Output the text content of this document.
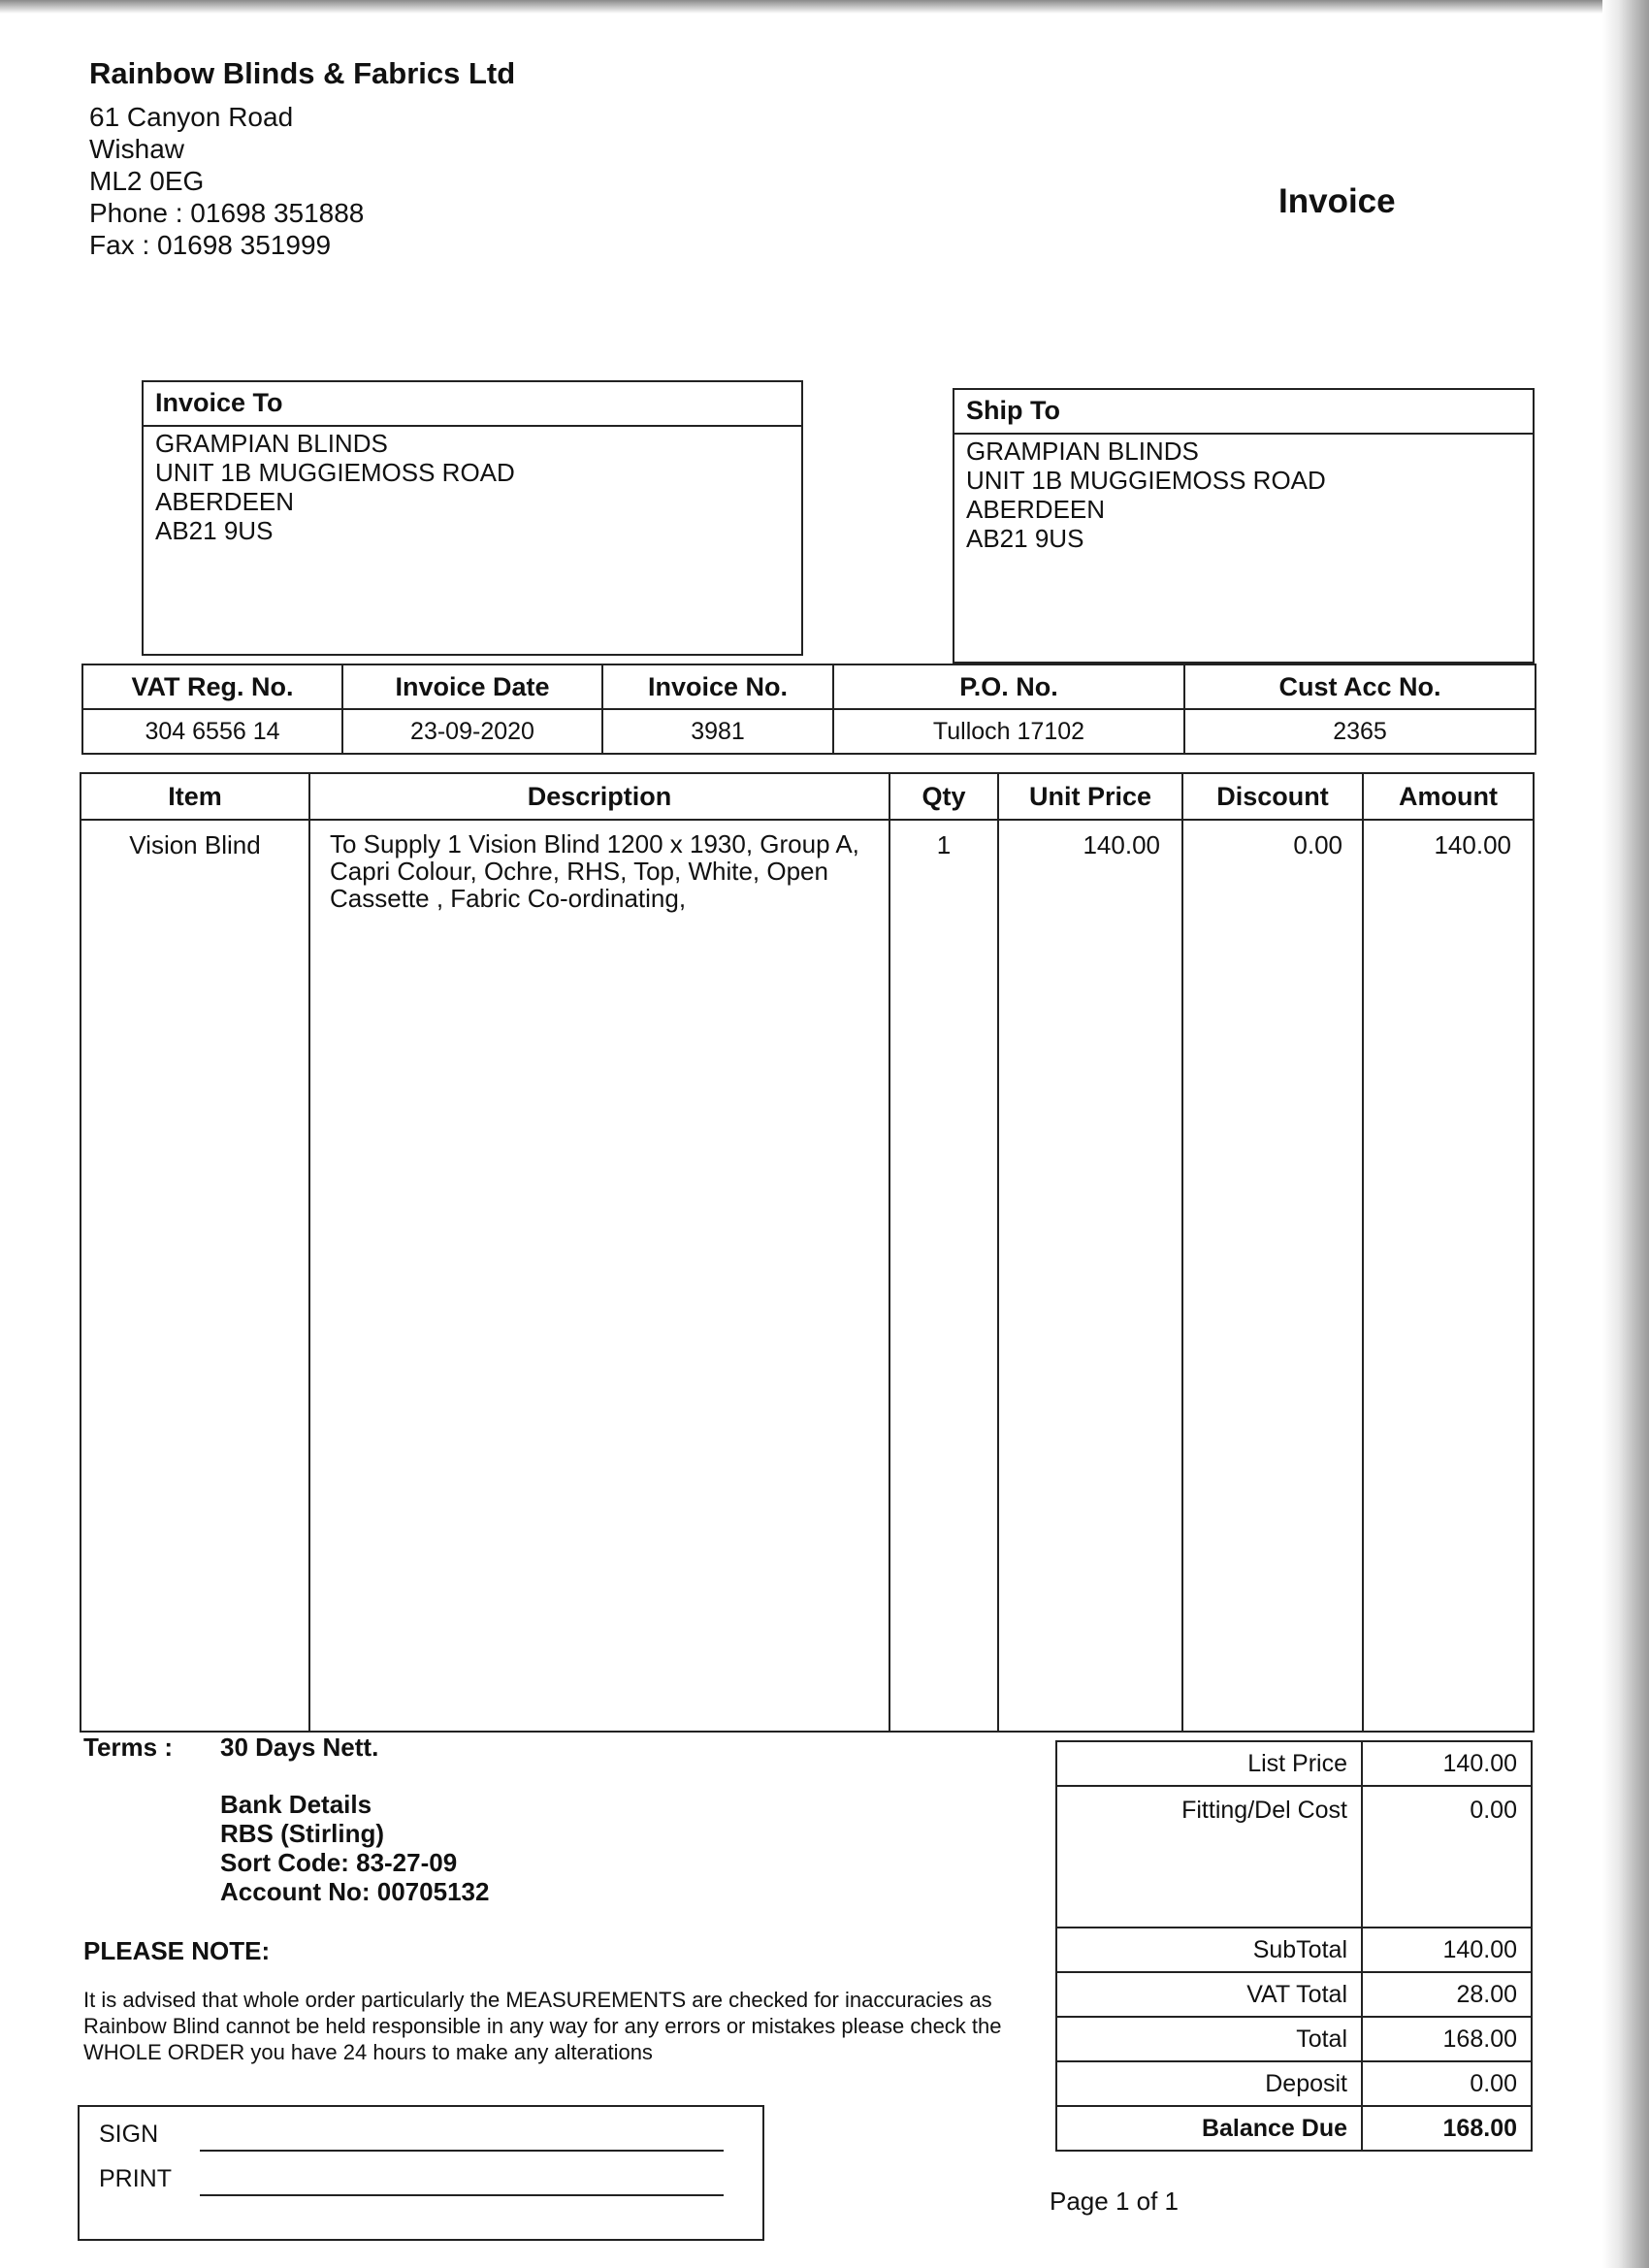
Rainbow Blinds & Fabrics Ltd
61 Canyon Road
Wishaw
ML2 0EG
Phone : 01698 351888
Fax : 01698 351999
Invoice
Invoice To
GRAMPIAN BLINDS
UNIT 1B MUGGIEMOSS ROAD
ABERDEEN
AB21 9US
Ship To
GRAMPIAN BLINDS
UNIT 1B MUGGIEMOSS ROAD
ABERDEEN
AB21 9US
VAT Reg. No.	Invoice Date	Invoice No.	P.O. No.	Cust Acc No.
304 6556 14	23-09-2020	3981	Tulloch 17102	2365
Item	Description	Qty	Unit Price	Discount	Amount
Vision Blind	To Supply 1 Vision Blind 1200 x 1930, Group A, Capri Colour, Ochre, RHS, Top, White, Open Cassette , Fabric Co-ordinating,	1	140.00	0.00	140.00
Terms : 30 Days Nett.
Bank Details
RBS (Stirling)
Sort Code: 83-27-09
Account No: 00705132
PLEASE NOTE:
It is advised that whole order particularly the MEASUREMENTS are checked for inaccuracies as Rainbow Blind cannot be held responsible in any way for any errors or mistakes please check the WHOLE ORDER you have 24 hours to make any alterations
SIGN
PRINT
List Price	140.00
Fitting/Del Cost	0.00
SubTotal	140.00
VAT Total	28.00
Total	168.00
Deposit	0.00
Balance Due	168.00
Page 1 of 1
